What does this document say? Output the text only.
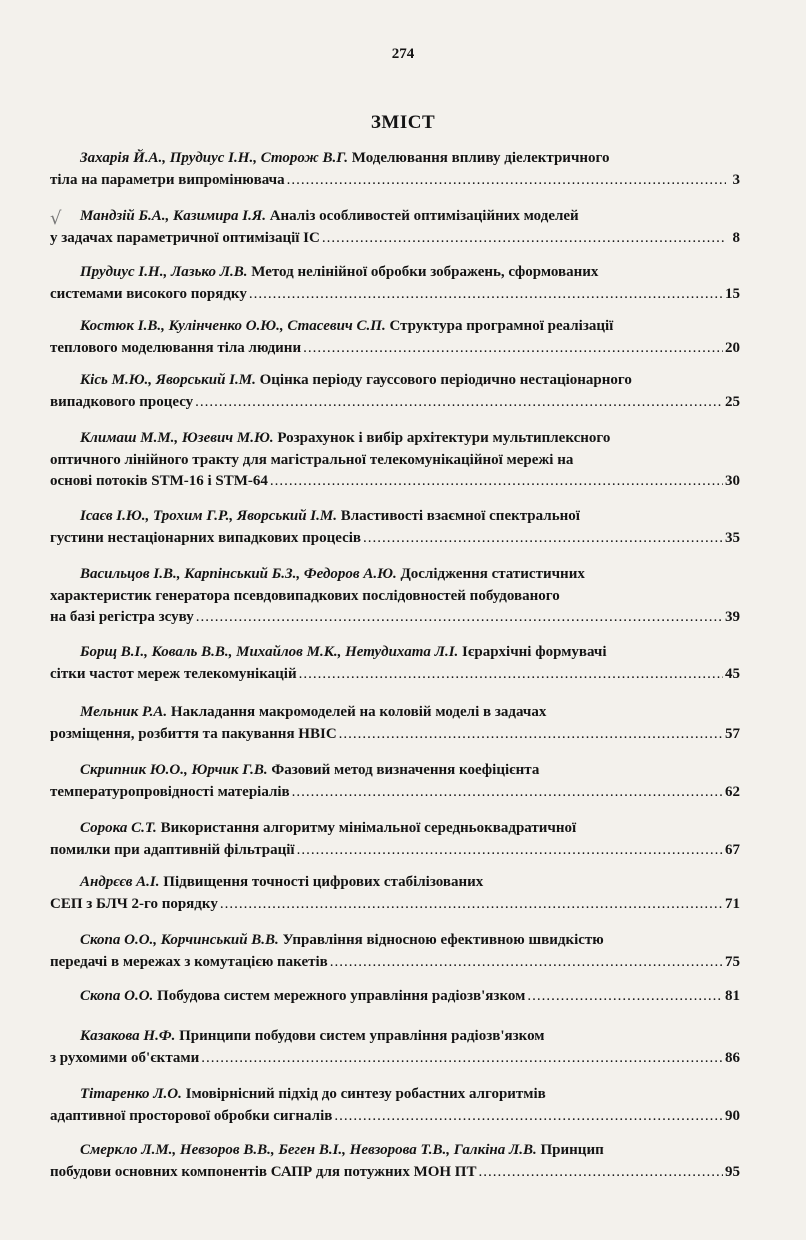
274
ЗМІСТ
√
Захарія Й.А., Прудиус І.Н., Сторож В.Г. Моделювання впливу діелектричного
тіла на параметри випромінювача .....	3
Мандзій Б.А., Казимира І.Я. Аналіз особливостей оптимізаційних моделей
у задачах параметричної оптимізації ІС .....	8
Прудиус І.Н., Лазько Л.В. Метод нелінійної обробки зображень, сформованих
системами високого порядку .....	15
Костюк І.В., Кулінченко О.Ю., Стасевич С.П. Структура програмної реалізації
теплового моделювання тіла людини .....	20
Кісь М.Ю., Яворський І.М. Оцінка періоду гауссового періодично нестаціонарного
випадкового процесу .....	25
Климаш М.М., Юзевич М.Ю. Розрахунок і вибір архітектури мультиплексного
оптичного лінійного тракту для магістральної телекомунікаційної мережі на
основі потоків STM-16 і STM-64 .....	30
Ісаєв І.Ю., Трохим Г.Р., Яворський І.М. Властивості взаємної спектральної
густини нестаціонарних випадкових процесів .....	35
Васильцов І.В., Карпінський Б.З., Федоров А.Ю. Дослідження статистичних
характеристик генератора псевдовипадкових послідовностей побудованого
на базі регістра зсуву .....	39
Борщ В.І., Коваль В.В., Михайлов М.К., Нетудихата Л.І. Ієрархічні формувачі
сітки частот мереж телекомунікацій .....	45
Мельник Р.А. Накладання макромоделей на коловій моделі в задачах
розміщення, розбиття та пакування НВІС .....	57
Скрипник Ю.О., Юрчик Г.В. Фазовий метод визначення коефіцієнта
температуропровідності матеріалів .....	62
Сорока С.Т. Використання алгоритму мінімальної середньоквадратичної
помилки при адаптивній фільтрації .....	67
Андрєєв А.І. Підвищення точності цифрових стабілізованих
СЕП з БЛЧ 2-го порядку .....	71
Скопа О.О., Корчинський В.В. Управління відносною ефективною швидкістю
передачі в мережах з комутацією пакетів .....	75
Скопа О.О.
Побудова систем мережного управління радіозв'язком .....	81
Казакова Н.Ф. Принципи побудови систем управління радіозв'язком
з рухомими об'єктами .....	86
Тітаренко Л.О. Імовірнісний підхід до синтезу робастних алгоритмів
адаптивної просторової обробки сигналів .....	90
Смеркло Л.М., Невзоров В.В., Беген В.І., Невзорова Т.В., Галкіна Л.В. Принцип
побудови основних компонентів САПР для потужних МОН ПТ .....	95
